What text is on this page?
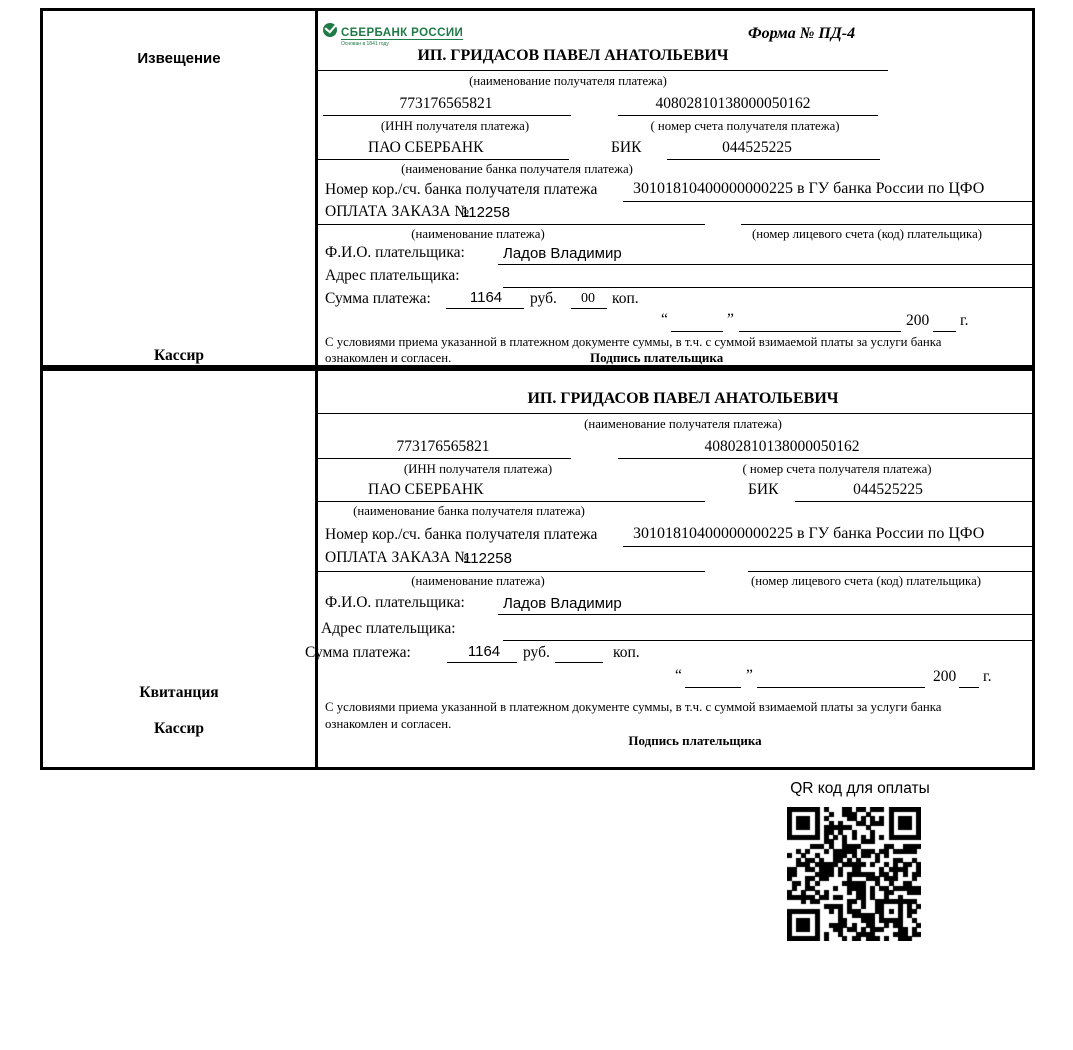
Извещение
Кассир
СБЕРБАНК РОССИИ
Основан в 1841 году
Форма № ПД-4
ИП. ГРИДАСОВ ПАВЕЛ АНАТОЛЬЕВИЧ
(наименование получателя платежа)
773176565821	40802810138000050162
(ИНН получателя платежа)	( номер счета получателя платежа)
ПАО СБЕРБАНК	БИК	044525225
(наименование банка получателя платежа)
Номер кор./сч. банка получателя платежа 30101810400000000225 в ГУ банка России по ЦФО
ОПЛАТА ЗАКАЗА №
112258
(наименование платежа)	(номер лицевого счета (код) плательщика)
Ф.И.О. плательщика:	Ладов Владимир
Адрес плательщика:
Сумма платежа:	1164 руб. 00 коп.
“	”	200 г.
С условиями приема указанной в платежном документе суммы, в т.ч. с суммой взимаемой платы за услуги банка
ознакомлен и согласен.	Подпись плательщика
Квитанция
Кассир
ИП. ГРИДАСОВ ПАВЕЛ АНАТОЛЬЕВИЧ
(наименование получателя платежа)
773176565821	40802810138000050162
(ИНН получателя платежа)	( номер счета получателя платежа)
ПАО СБЕРБАНК	БИК	044525225
(наименование банка получателя платежа)
Номер кор./сч. банка получателя платежа 30101810400000000225 в ГУ банка России по ЦФО
ОПЛАТА ЗАКАЗА №
112258
(наименование платежа)	(номер лицевого счета (код) плательщика)
Ф.И.О. плательщика:	Ладов Владимир
Адрес плательщика:
Сумма платежа:	1164 руб.	коп.
“	”	200 г.
С условиями приема указанной в платежном документе суммы, в т.ч. с суммой взимаемой платы за услуги банка
ознакомлен и согласен.
Подпись плательщика
QR код для оплаты
